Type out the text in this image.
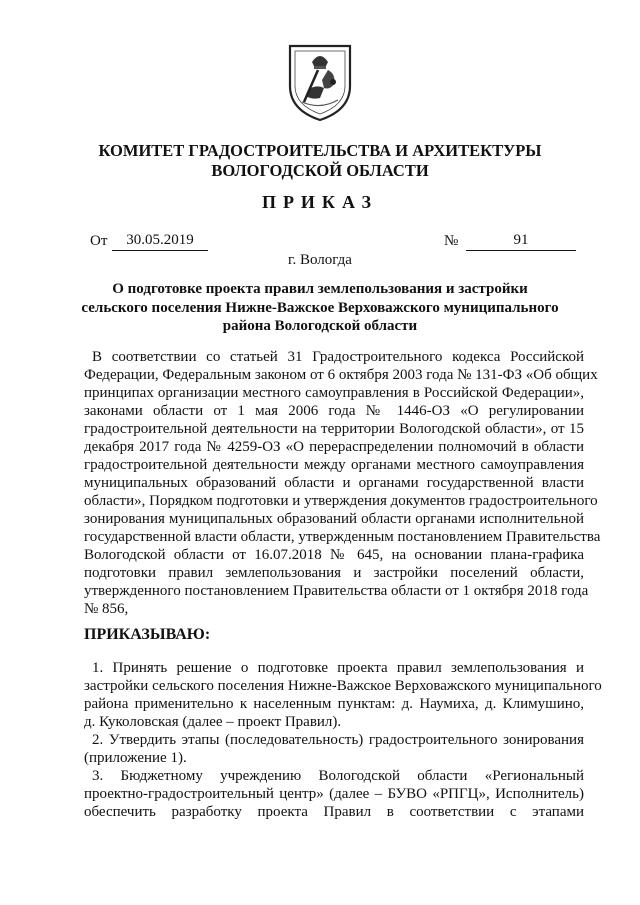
КОМИТЕТ ГРАДОСТРОИТЕЛЬСТВА И АРХИТЕКТУРЫ
ВОЛОГОДСКОЙ ОБЛАСТИ
ПРИКАЗ
От	30.05.2019	№	91
г. Вологда
О подготовке проекта правил землепользования и застройки
сельского поселения Нижне-Важское Верховажского муниципального
района Вологодской области
В соответствии со статьей 31 Градостроительного кодекса Российской
Федерации, Федеральным законом от 6 октября 2003 года № 131-ФЗ «Об общих
принципах организации местного самоуправления в Российской Федерации»,
законами области от 1 мая 2006 года № 1446-ОЗ «О регулировании
градостроительной деятельности на территории Вологодской области», от 15
декабря 2017 года № 4259-ОЗ «О перераспределении полномочий в области
градостроительной деятельности между органами местного самоуправления
муниципальных образований области и органами государственной власти
области», Порядком подготовки и утверждения документов градостроительного
зонирования муниципальных образований области органами исполнительной
государственной власти области, утвержденным постановлением Правительства
Вологодской области от 16.07.2018 № 645, на основании плана-графика
подготовки правил землепользования и застройки поселений области,
утвержденного постановлением Правительства области от 1 октября 2018 года
№ 856,
ПРИКАЗЫВАЮ:
1. Принять решение о подготовке проекта правил землепользования и
застройки сельского поселения Нижне-Важское Верховажского муниципального
района применительно к населенным пунктам: д. Наумиха, д. Климушино,
д. Куколовская (далее – проект Правил).
2. Утвердить этапы (последовательность) градостроительного зонирования
(приложение 1).
3. Бюджетному учреждению Вологодской области «Региональный
проектно-градостроительный центр» (далее – БУВО «РПГЦ», Исполнитель)
обеспечить разработку проекта Правил в соответствии с этапами
